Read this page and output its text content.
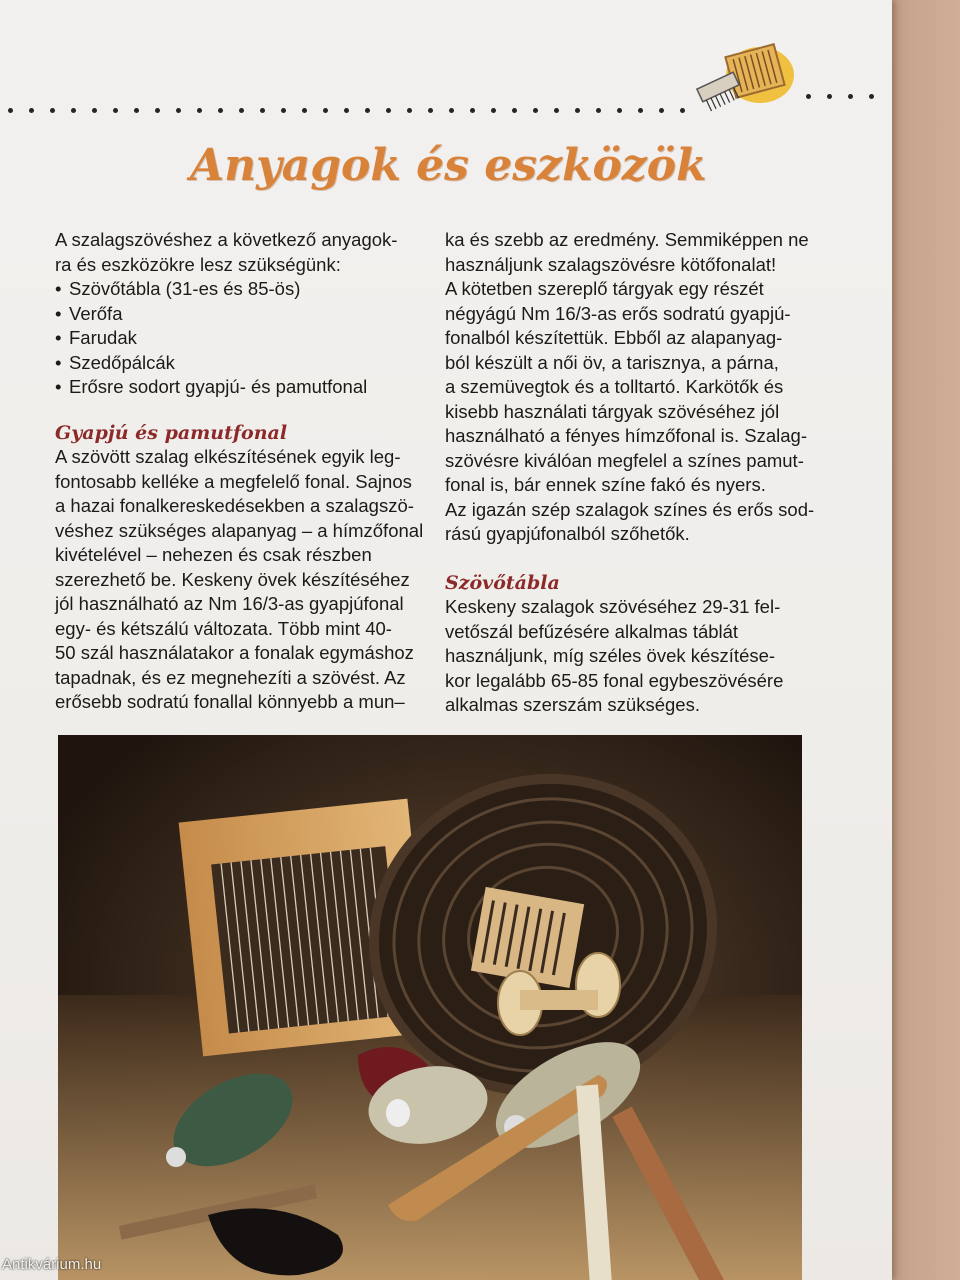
Anyagok és eszközök

A szalagszövéshez a következő anyagok-
ra és eszközökre lesz szükségünk:

• Szövőtábla (31-es és 85-ös)
• Verőfa
• Farudak
• Szedőpálcák
• Erősre sodort gyapjú- és pamutfonal

Gyapjú és pamutfonal

A szövött szalag elkészítésének egyik leg-
fontosabb kelléke a megfelelő fonal. Sajnos
a hazai fonalkereskedésekben a szalagszö-
véshez szükséges alapanyag – a hímzőfonal
kivételével – nehezen és csak részben
szerezhető be. Keskeny övek készítéséhez
jól használható az Nm 16/3-as gyapjúfonal
egy- és kétszálú változata. Több mint 40-
50 szál használatakor a fonalak egymáshoz
tapadnak, és ez megnehezíti a szövést. Az
erősebb sodratú fonallal könnyebb a mun–

ka és szebb az eredmény. Semmiképpen ne
használjunk szalagszövésre kötőfonalat!
A kötetben szereplő tárgyak egy részét
négyágú Nm 16/3-as erős sodratú gyapjú-
fonalból készítettük. Ebből az alapanyag-
ból készült a női öv, a tarisznya, a párna,
a szemüvegtok és a tolltartó. Karkötők és
kisebb használati tárgyak szövéséhez jól
használható a fényes hímzőfonal is. Szalag-
szövésre kiválóan megfelel a színes pamut-
fonal is, bár ennek színe fakó és nyers.
Az igazán szép szalagok színes és erős sod-
rású gyapjúfonalból szőhetők.

Szövőtábla

Keskeny szalagok szövéséhez 29-31 fel-
vetőszál befűzésére alkalmas táblát
használjunk, míg széles övek készítése-
kor legalább 65-85 fonal egybeszövésére
alkalmas szerszám szükséges.

Antikvárium.hu
